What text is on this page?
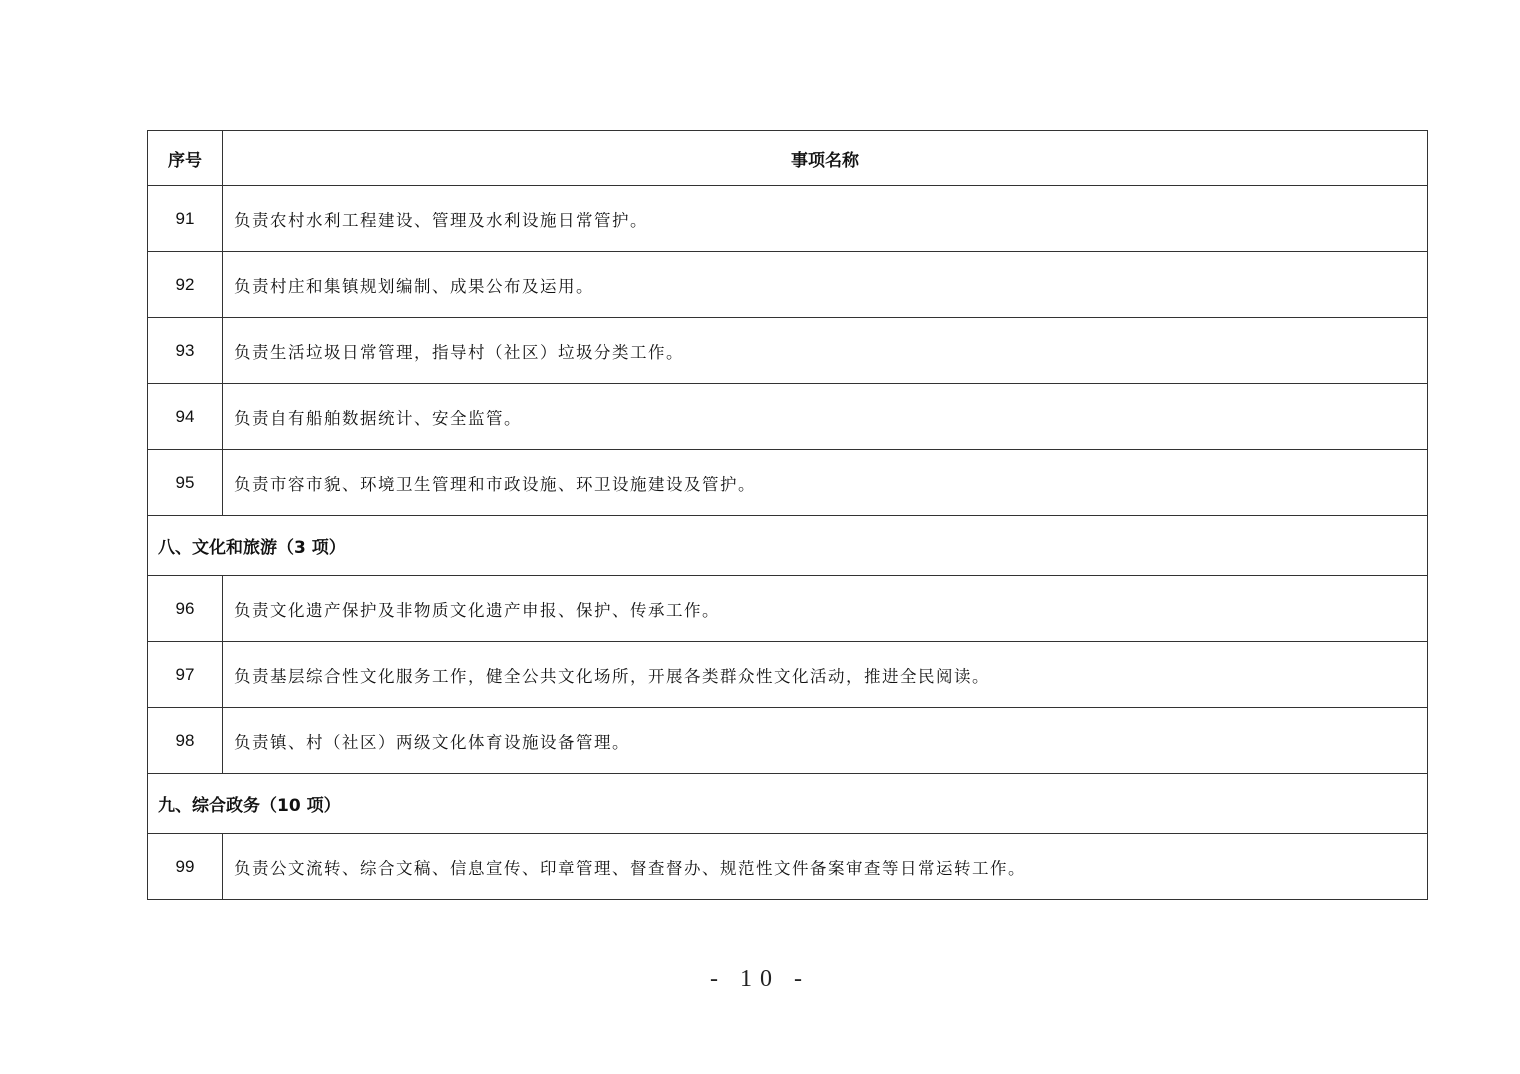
序号	事项名称
91	负责农村水利工程建设、管理及水利设施日常管护。
92	负责村庄和集镇规划编制、成果公布及运用。
93	负责生活垃圾日常管理，指导村（社区）垃圾分类工作。
94	负责自有船舶数据统计、安全监管。
95	负责市容市貌、环境卫生管理和市政设施、环卫设施建设及管护。
八、文化和旅游（3 项）	
96	负责文化遗产保护及非物质文化遗产申报、保护、传承工作。
97	负责基层综合性文化服务工作，健全公共文化场所，开展各类群众性文化活动，推进全民阅读。
98	负责镇、村（社区）两级文化体育设施设备管理。
九、综合政务（10 项）	
99	负责公文流转、综合文稿、信息宣传、印章管理、督查督办、规范性文件备案审查等日常运转工作。
- 10 -
